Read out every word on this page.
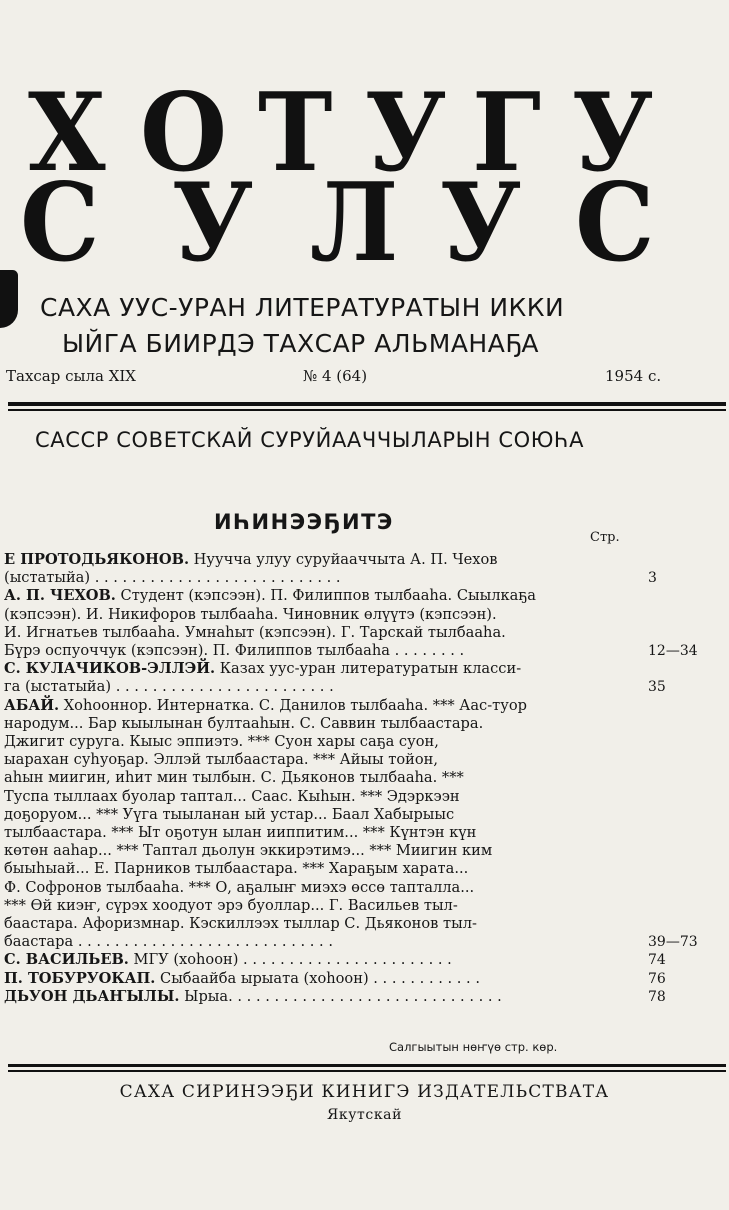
Х О Т У Г У
С У Л У С
САХА УУС-УРАН ЛИТЕРАТУРАТЫН ИККИ
ЫЙГА БИИРДЭ ТАХСАР АЛЬМАНАҔА
Тахсар сыла XIX	№ 4 (64)	1954 с.
САССР СОВЕТСКАЙ СУРУЙААЧЧЫЛАРЫН СОЮҺА
ИҺИНЭЭҔИТЭ
Стр.
Е ПРОТОДЬЯКОНОВ. Нуучча улуу суруйааччыта А. П. Чехов
(ыстатыйа) . . . . . . . . . . . . . . . . . . . . . . . . . . .	3
А. П. ЧЕХОВ. Студент (кэпсээн). П. Филиппов тылбааһа. Сыылкаҕа
(кэпсээн). И. Никифоров тылбааһа. Чиновник өлүүтэ (кэпсээн).
И. Игнатьев тылбааһа. Умнаһыт (кэпсээн). Г. Тарскай тылбааһа.
Бүрэ оспуоччук (кэпсээн). П. Филиппов тылбааһа . . . . . . . .	12—34
С. КУЛАЧИКОВ-ЭЛЛЭЙ. Казах уус-уран литературатын класси-
га (ыстатыйа) . . . . . . . . . . . . . . . . . . . . . . . .	35
АБАЙ. Хоһооннор. Интернатка. С. Данилов тылбааһа. *** Аас-туор
народум... Бар кыылынан бултааһын. С. Саввин тылбаастара.
Джигит суруга. Кыыс эппиэтэ. *** Суон хары саҕа суон,
ыарахан суһуоҕар. Эллэй тылбаастара. *** Айыы тойон,
аһын миигин, иһит мин тылбын. С. Дьяконов тылбааһа. ***
Туспа тыллаах буолар таптал... Саас. Кыһын. *** Эдэркээн
доҕоруом... *** Уүга тыыланан ый устар... Баал Хабырыыс
тылбаастара. *** Ыт оҕотун ылан ииппитим... *** Күнтэн күн
көтөн ааһар... *** Таптал дьолун эккирэтимэ... *** Миигин ким
быыһыай... Е. Парников тылбаастара. *** Хараҕым харата...
Ф. Софронов тылбааһа. *** О, аҕалыҥ миэхэ өссө тапталла...
*** Өй киэҥ, сүрэх хоодуот эрэ буоллар... Г. Васильев тыл-
баастара. Афоризмнар. Кэскиллээх тыллар С. Дьяконов тыл-
баастара . . . . . . . . . . . . . . . . . . . . . . . . . . . .	39—73
С. ВАСИЛЬЕВ. МГУ (хоһоон) . . . . . . . . . . . . . . . . . . . . . . .	74
П. ТОБУРУОКАП. Сыбаайба ырыата (хоһоон) . . . . . . . . . . . .	76
ДЬУОН ДЬАҤЫЛЫ. Ырыа. . . . . . . . . . . . . . . . . . . . . . . . . . . . . .	78
Салгыытын нөҥүө стр. көр.
САХА СИРИНЭЭҔИ КИНИГЭ ИЗДАТЕЛЬСТВАТА
Якутскай
